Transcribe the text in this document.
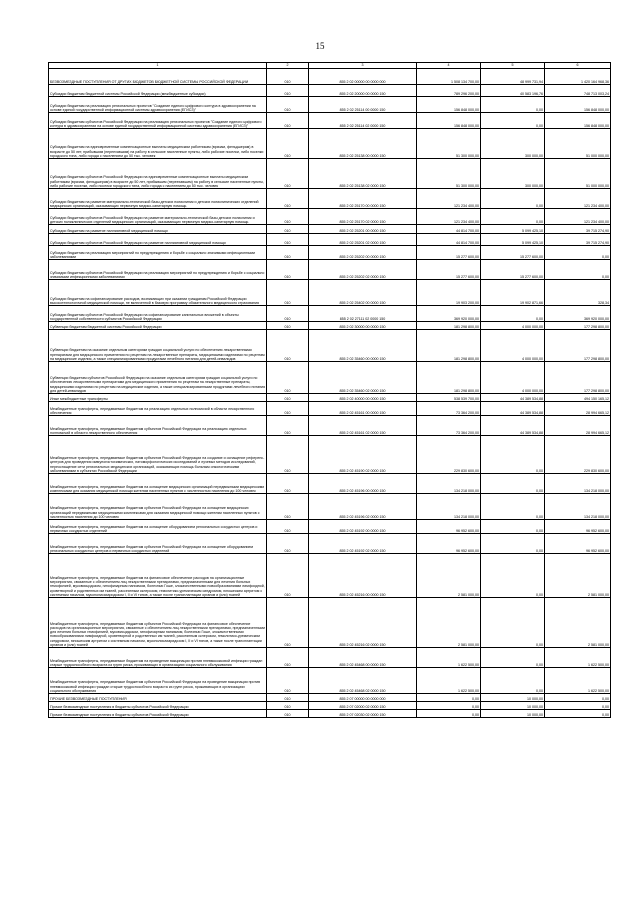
15
1	2	3	4	5	6
БЕЗВОЗМЕЗДНЫЕ ПОСТУПЛЕНИЯ ОТ ДРУГИХ БЮДЖЕТОВ БЮДЖЕТНОЙ СИСТЕМЫ РОССИЙСКОЙ ФЕДЕРАЦИИ	010	855 2 02 00000 00 0000 000	1 508 134 700,00	48 999 731,94	1 420 164 968,36
Субсидии бюджетам бюджетной системы Российской Федерации (межбюджетные субсидии)	010	855 2 02 20000 00 0000 150	789 296 200,00	40 583 196,76	748 713 003,24
Субсидии бюджетам на реализацию региональных проектов "Создание единого цифрового контура в здравоохранении на основе единой государственной информационной системы здравоохранения (ЕГИСЗ)"	010	855 2 02 25114 00 0000 150	156 848 000,00	0,00	156 848 000,00
Субсидии бюджетам субъектов Российской Федерации на реализацию региональных проектов "Создание единого цифрового контура в здравоохранении на основе единой государственной информационной системы здравоохранения (ЕГИСЗ)"	010	855 2 02 25114 02 0000 150	156 848 000,00	0,00	156 848 000,00
Субсидии бюджетам на единовременные компенсационные выплаты медицинским работникам (врачам, фельдшерам) в возрасте до 50 лет, прибывшим (переехавшим) на работу в сельские населенные пункты, либо рабочие поселки, либо поселки городского типа, либо города с населением до 50 тыс. человек	010	855 2 02 25138 00 0000 150	51 300 000,00	300 000,00	51 000 000,00
Субсидии бюджетам субъектов Российской Федерации на единовременные компенсационные выплаты медицинским работникам (врачам, фельдшерам) в возрасте до 50 лет, прибывшим (переехавшим) на работу в сельские населенные пункты, либо рабочие поселки, либо поселки городского типа, либо города с населением до 50 тыс. человек	010	855 2 02 25138 02 0000 150	51 300 000,00	300 000,00	51 000 000,00
Субсидии бюджетам на развитие материально-технической базы детских поликлиник и детских поликлинических отделений медицинских организаций, оказывающих первичную медико-санитарную помощь	010	855 2 02 25170 00 0000 150	121 234 400,00	0,00	121 234 400,00
Субсидии бюджетам субъектов Российской Федерации на развитие материально-технической базы детских поликлиник и детских поликлинических отделений медицинских организаций, оказывающих первичную медико-санитарную помощь	010	855 2 02 25170 02 0000 150	121 234 400,00	0,00	121 234 400,00
Субсидии бюджетам на развитие паллиативной медицинской помощи	010	855 2 02 25201 00 0000 150	44 814 700,00	5 099 425,10	39 715 274,90
Субсидии бюджетам субъектов Российской Федерации на развитие паллиативной медицинской помощи	010	855 2 02 25201 02 0000 150	44 814 700,00	5 099 425,10	39 715 274,90
Субсидии бюджетам на реализацию мероприятий по предупреждению и борьбе с социально значимыми инфекционными заболеваниями	010	855 2 02 25202 00 0000 150	15 277 600,00	15 277 600,00	0,00
Субсидии бюджетам субъектов Российской Федерации на реализацию мероприятий по предупреждению и борьбе с социально значимыми инфекционными заболеваниями	010	855 2 02 25202 02 0000 150	15 277 600,00	15 277 600,00	0,00
Субсидии бюджетам на софинансирование расходов, возникающих при оказании гражданам Российской Федерации высокотехнологичной медицинской помощи, не включенной в базовую программу обязательного медицинского страхования	010	855 2 02 25402 00 0000 150	19 903 200,00	19 902 871,66	328,34
Субсидии бюджетам субъектов Российской Федерации на софинансирование капитальных вложений в объекты государственной собственности субъектов Российской Федерации	010	855 2 02 27111 02 0000 150	369 920 000,00	0,00	369 920 000,00
Субвенции бюджетам бюджетной системы Российской Федерации	010	855 2 02 30000 00 0000 150	181 298 800,00	4 000 000,00	177 298 800,00
Субвенции бюджетам на оказание отдельным категориям граждан социальной услуги по обеспечению лекарственными препаратами для медицинского применения по рецептам на лекарственные препараты, медицинскими изделиями по рецептам на медицинские изделия, а также специализированными продуктами лечебного питания для детей-инвалидов	010	855 2 02 35460 00 0000 150	181 298 800,00	4 000 000,00	177 298 800,00
Субвенции бюджетам субъектов Российской Федерации на оказание отдельным категориям граждан социальной услуги по обеспечению лекарственными препаратами для медицинского применения по рецептам на лекарственные препараты, медицинскими изделиями по рецептам на медицинские изделия, а также специализированными продуктами лечебного питания для детей-инвалидов	010	855 2 02 35460 02 0000 150	181 298 800,00	4 000 000,00	177 298 800,00
Иные межбюджетные трансферты	010	855 2 02 40000 00 0000 150	538 539 700,00	44 389 534,88	494 150 165,12
Межбюджетные трансферты, передаваемые бюджетам на реализацию отдельных полномочий в области лекарственного обеспечения	010	855 2 02 45161 00 0000 150	73 364 200,00	44 389 534,88	28 994 665,12
Межбюджетные трансферты, передаваемые бюджетам субъектов Российской Федерации на реализацию отдельных полномочий в области лекарственного обеспечения	010	855 2 02 45161 02 0000 150	73 364 200,00	44 389 534,88	28 994 665,12
Межбюджетные трансферты, передаваемые бюджетам субъектов Российской Федерации на создание и оснащение референс-центров для проведения иммуногистохимических, патоморфологических исследований и лучевых методов исследований, переоснащение сети региональных медицинских организаций, оказывающих помощь больным онкологическими заболеваниями в субъектах Российской Федерации	010	855 2 02 45190 02 0000 150	229 830 600,00	0,00	229 830 600,00
Межбюджетные трансферты, передаваемые бюджетам на оснащение медицинских организаций передвижными медицинскими комплексами для оказания медицинской помощи жителям населенных пунктов с численностью населения до 100 человек	010	855 2 02 45196 00 0000 150	134 218 000,00	0,00	134 218 000,00
Межбюджетные трансферты, передаваемые бюджетам субъектов Российской Федерации на оснащение медицинских организаций передвижными медицинскими комплексами для оказания медицинской помощи жителям населенных пунктов с численностью населения до 100 человек	010	855 2 02 45196 02 0000 150	134 218 000,00	0,00	134 218 000,00
Межбюджетные трансферты, передаваемые бюджетам на оснащение оборудованием региональных сосудистых центров и первичных сосудистых отделений	010	855 2 02 45192 00 0000 150	96 952 600,00	0,00	96 952 600,00
Межбюджетные трансферты, передаваемые бюджетам субъектов Российской Федерации на оснащение оборудованием региональных сосудистых центров и первичных сосудистых отделений	010	855 2 02 45192 02 0000 150	96 952 600,00	0,00	96 952 600,00
Межбюджетные трансферты, передаваемые бюджетам на финансовое обеспечение расходов на организационные мероприятия, связанные с обеспечением лиц лекарственными препаратами, предназначенными для лечения больных гемофилией, муковисцидозом, гипофизарным нанизмом, болезнью Гоше, злокачественными новообразованиями лимфоидной, кроветворной и родственных им тканей, рассеянным склерозом, гемолитико-уремическим синдромом, юношеским артритом с системным началом, мукополисахаридозом I, II и VI типов, а также после трансплантации органов и (или) тканей	010	855 2 02 45216 00 0000 150	2 581 000,00	0,00	2 581 000,00
Межбюджетные трансферты, передаваемые бюджетам субъектов Российской Федерации на финансовое обеспечение расходов на организационные мероприятия, связанные с обеспечением лиц лекарственными препаратами, предназначенными для лечения больных гемофилией, муковисцидозом, гипофизарным нанизмом, болезнью Гоше, злокачественными новообразованиями лимфоидной, кроветворной и родственных им тканей, рассеянным склерозом, гемолитико-уремическим синдромом, юношеским артритом с системным началом, мукополисахаридозом I, II и VI типов, а также после трансплантации органов и (или) тканей	010	855 2 02 45216 02 0000 150	2 581 000,00	0,00	2 581 000,00
Межбюджетные трансферты, передаваемые бюджетам на проведение вакцинации против пневмококковой инфекции граждан старше трудоспособного возраста из групп риска, проживающих в организациях социального обслуживания	010	855 2 02 45468 00 0000 150	1 622 500,00	0,00	1 622 500,00
Межбюджетные трансферты, передаваемые бюджетам субъектов Российской Федерации на проведение вакцинации против пневмококковой инфекции граждан старше трудоспособного возраста из групп риска, проживающих в организациях социального обслуживания	010	855 2 02 45468 02 0000 150	1 622 500,00	0,00	1 622 500,00
ПРОЧИЕ БЕЗВОЗМЕЗДНЫЕ ПОСТУПЛЕНИЯ	010	855 2 07 00000 00 0000 000	0,00	10 000,00	0,00
Прочие безвозмездные поступления в бюджеты субъектов Российской Федерации	010	855 2 07 02000 02 0000 150	0,00	10 000,00	0,00
Прочие безвозмездные поступления в бюджеты субъектов Российской Федерации	010	855 2 07 02030 02 0000 150	0,00	10 000,00	0,00
